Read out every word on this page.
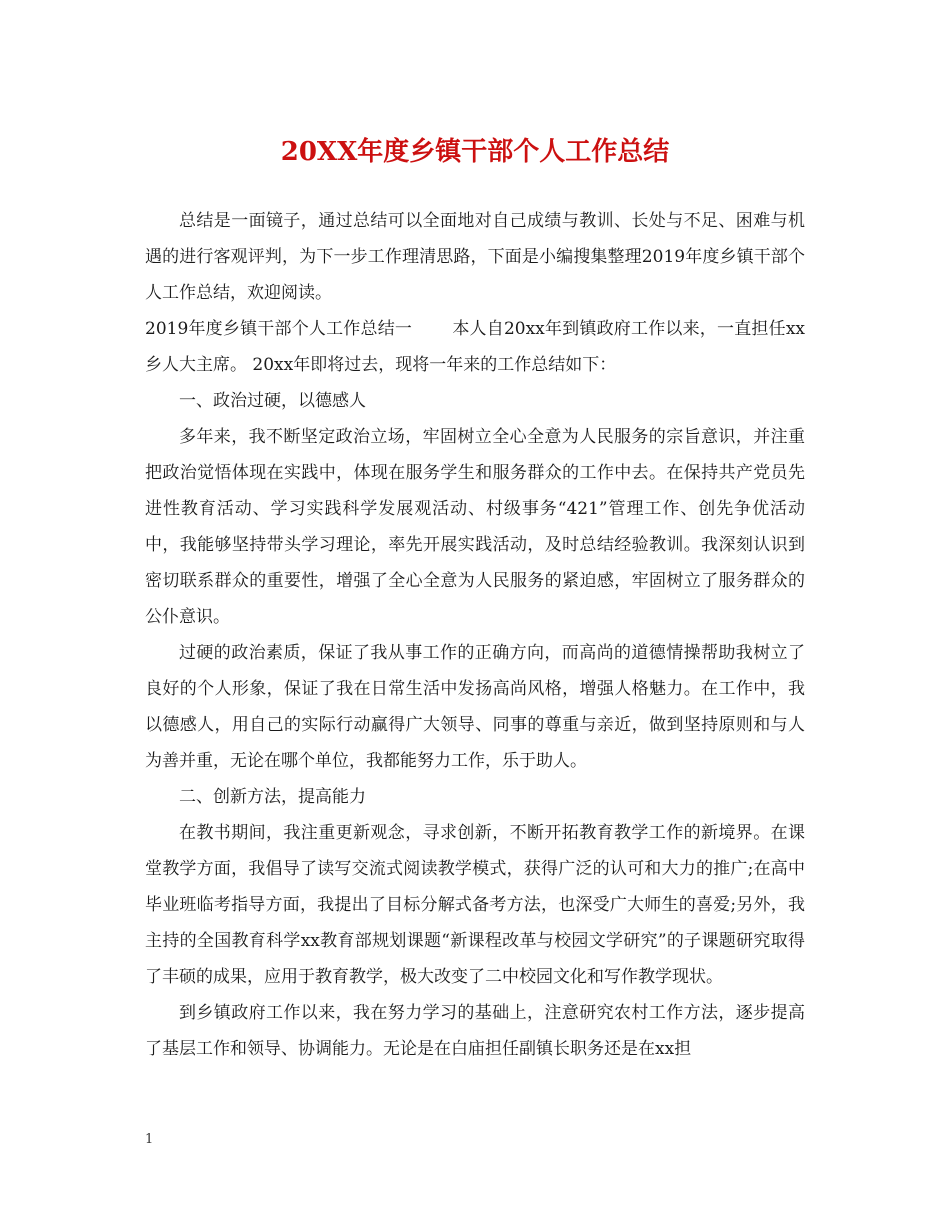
20XX年度乡镇干部个人工作总结

总结是一面镜子，通过总结可以全面地对自己成绩与教训、长处与不足、困难与机遇的进行客观评判，为下一步工作理清思路，下面是小编搜集整理2019年度乡镇干部个人工作总结，欢迎阅读。

2019年度乡镇干部个人工作总结一 本人自20xx年到镇政府工作以来，一直担任xx乡人大主席。 20xx年即将过去，现将一年来的工作总结如下：

一、政治过硬，以德感人

多年来，我不断坚定政治立场，牢固树立全心全意为人民服务的宗旨意识，并注重把政治觉悟体现在实践中，体现在服务学生和服务群众的工作中去。在保持共产党员先进性教育活动、学习实践科学发展观活动、村级事务“421”管理工作、创先争优活动中，我能够坚持带头学习理论，率先开展实践活动，及时总结经验教训。我深刻认识到密切联系群众的重要性，增强了全心全意为人民服务的紧迫感，牢固树立了服务群众的公仆意识。

过硬的政治素质，保证了我从事工作的正确方向，而高尚的道德情操帮助我树立了良好的个人形象，保证了我在日常生活中发扬高尚风格，增强人格魅力。在工作中，我以德感人，用自己的实际行动赢得广大领导、同事的尊重与亲近，做到坚持原则和与人为善并重，无论在哪个单位，我都能努力工作，乐于助人。

二、创新方法，提高能力

在教书期间，我注重更新观念，寻求创新，不断开拓教育教学工作的新境界。在课堂教学方面，我倡导了读写交流式阅读教学模式，获得广泛的认可和大力的推广;在高中毕业班临考指导方面，我提出了目标分解式备考方法，也深受广大师生的喜爱;另外，我主持的全国教育科学xx教育部规划课题“新课程改革与校园文学研究”的子课题研究取得了丰硕的成果，应用于教育教学，极大改变了二中校园文化和写作教学现状。

到乡镇政府工作以来，我在努力学习的基础上，注意研究农村工作方法，逐步提高了基层工作和领导、协调能力。无论是在白庙担任副镇长职务还是在xx担

1
